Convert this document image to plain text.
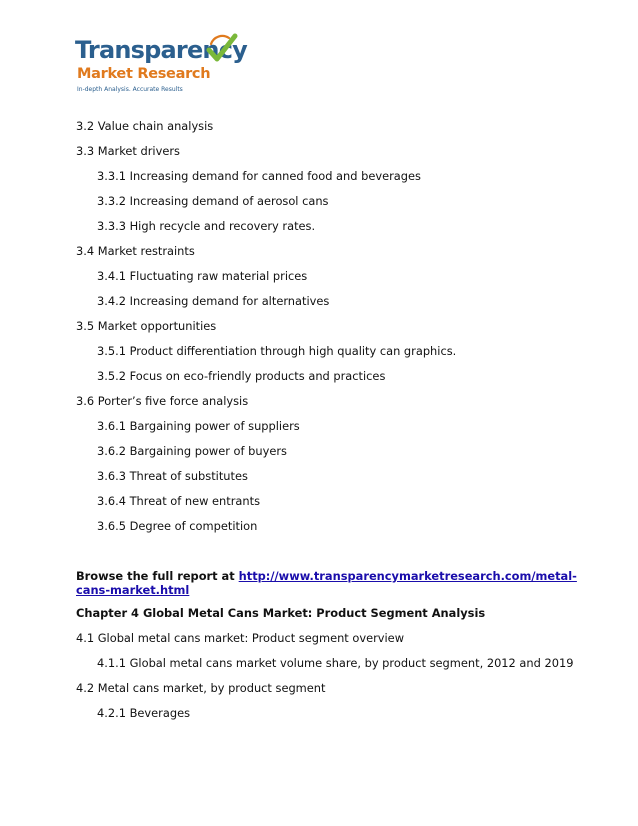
Transparency
Market Research
In-depth Analysis. Accurate Results
3.2 Value chain analysis
3.3 Market drivers
3.3.1 Increasing demand for canned food and beverages
3.3.2 Increasing demand of aerosol cans
3.3.3 High recycle and recovery rates.
3.4 Market restraints
3.4.1 Fluctuating raw material prices
3.4.2 Increasing demand for alternatives
3.5 Market opportunities
3.5.1 Product differentiation through high quality can graphics.
3.5.2 Focus on eco-friendly products and practices
3.6 Porter’s five force analysis
3.6.1 Bargaining power of suppliers
3.6.2 Bargaining power of buyers
3.6.3 Threat of substitutes
3.6.4 Threat of new entrants
3.6.5 Degree of competition
Browse the full report at http://www.transparencymarketresearch.com/metal-
cans-market.html
Chapter 4 Global Metal Cans Market: Product Segment Analysis
4.1 Global metal cans market: Product segment overview
4.1.1 Global metal cans market volume share, by product segment, 2012 and 2019
4.2 Metal cans market, by product segment
4.2.1 Beverages
